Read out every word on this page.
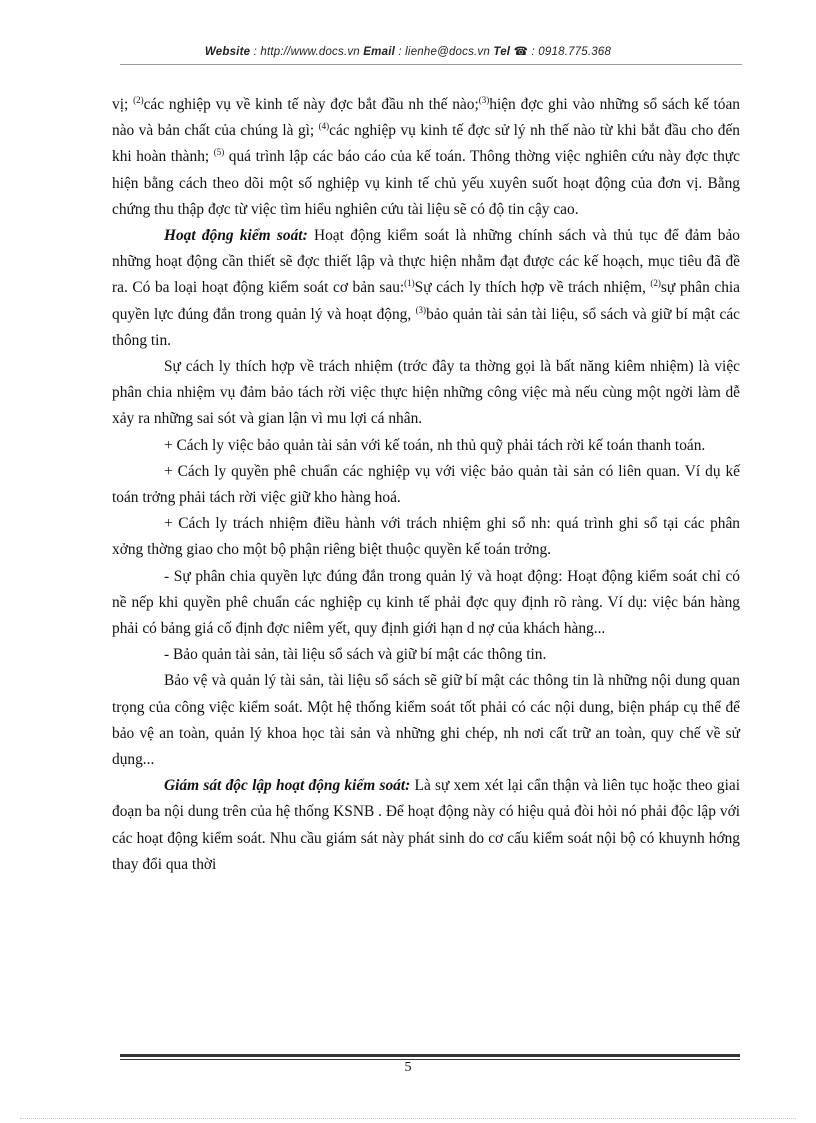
Website : http://www.docs.vn Email : lienhe@docs.vn Tel ☎ : 0918.775.368

vị; $^{(2)}$các nghiệp vụ về kinh tế này đợc bắt đầu nh thế nào;$^{(3)}$hiện đợc ghi vào những sổ sách kế tóan nào và bản chất của chúng là gì; $^{(4)}$các nghiệp vụ kinh tế đợc sử lý nh thế nào từ khi bắt đầu cho đến khi hoàn thành; $^{(5)}$ quá trình lập các báo cáo của kế toán. Thông thờng việc nghiên cứu này đợc thực hiện bằng cách theo dõi một số nghiệp vụ kinh tế chủ yếu xuyên suốt hoạt động của đơn vị. Bằng chứng thu thập đợc từ việc tìm hiểu nghiên cứu tài liệu sẽ có độ tin cậy cao.

Hoạt động kiểm soát: Hoạt động kiểm soát là những chính sách và thủ tục để đảm bảo những hoạt động cần thiết sẽ đợc thiết lập và thực hiện nhằm đạt được các kế hoạch, mục tiêu đã đề ra. Có ba loại hoạt động kiểm soát cơ bản sau:$^{(1)}$Sự cách ly thích hợp về trách nhiệm, $^{(2)}$sự phân chia quyền lực đúng đắn trong quản lý và hoạt động, $^{(3)}$bảo quản tài sản tài liệu, sổ sách và giữ bí mật các thông tin.

Sự cách ly thích hợp về trách nhiệm (trớc đây ta thờng gọi là bất năng kiêm nhiệm) là việc phân chia nhiệm vụ đảm bảo tách rời việc thực hiện những công việc mà nếu cùng một ngời làm dễ xảy ra những sai sót và gian lận vì mu lợi cá nhân.

+ Cách ly việc bảo quản tài sản với kế toán, nh thủ quỹ phải tách rời kế toán thanh toán.

+ Cách ly quyền phê chuẩn các nghiệp vụ với việc bảo quản tài sản có liên quan. Ví dụ kế toán trởng phải tách rời việc giữ kho hàng hoá.

+ Cách ly trách nhiệm điều hành với trách nhiệm ghi sổ nh: quá trình ghi sổ tại các phân xởng thờng giao cho một bộ phận riêng biệt thuộc quyền kế toán trởng.

- Sự phân chia quyền lực đúng đắn trong quản lý và hoạt động: Hoạt động kiểm soát chỉ có nề nếp khi quyền phê chuẩn các nghiệp cụ kinh tế phải đợc quy định rõ ràng. Ví dụ: việc bán hàng phải có bảng giá cố định đợc niêm yết, quy định giới hạn d nợ của khách hàng...

- Bảo quản tài sản, tài liệu sổ sách và giữ bí mật các thông tin.

Bảo vệ và quản lý tài sản, tài liệu sổ sách sẽ giữ bí mật các thông tin là những nội dung quan trọng của công việc kiểm soát. Một hệ thống kiểm soát tốt phải có các nội dung, biện pháp cụ thể để bảo vệ an toàn, quản lý khoa học tài sản và những ghi chép, nh nơi cất trữ an toàn, quy chế về sử dụng...

Giám sát độc lập hoạt động kiểm soát: Là sự xem xét lại cẩn thận và liên tục hoặc theo giai đoạn ba nội dung trên của hệ thống KSNB . Để hoạt động này có hiệu quả đòi hỏi nó phải độc lập với các hoạt động kiểm soát. Nhu cầu giám sát này phát sinh do cơ cấu kiểm soát nội bộ có khuynh hớng thay đổi qua thời

5
